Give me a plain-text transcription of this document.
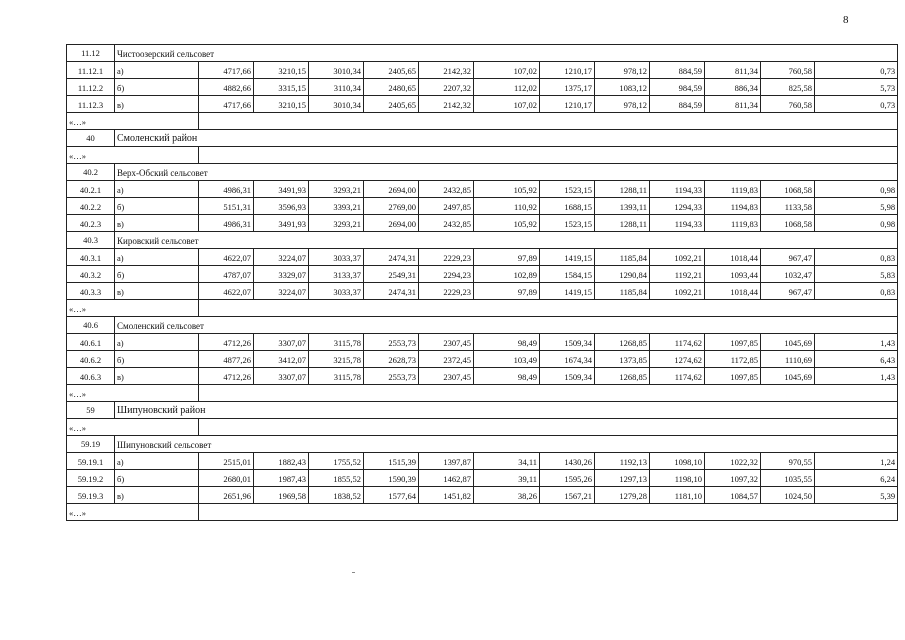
8
11.12	Чистоозерский сельсовет												
11.12.1	а)	4717,66	3210,15	3010,34	2405,65	2142,32	107,02	1210,17	978,12	884,59	811,34	760,58	0,73
11.12.2	б)	4882,66	3315,15	3110,34	2480,65	2207,32	112,02	1375,17	1083,12	984,59	886,34	825,58	5,73
11.12.3	в)	4717,66	3210,15	3010,34	2405,65	2142,32	107,02	1210,17	978,12	884,59	811,34	760,58	0,73
«…»													
40	Смоленский район												
«…»													
40.2	Верх-Обский сельсовет												
40.2.1	а)	4986,31	3491,93	3293,21	2694,00	2432,85	105,92	1523,15	1288,11	1194,33	1119,83	1068,58	0,98
40.2.2	б)	5151,31	3596,93	3393,21	2769,00	2497,85	110,92	1688,15	1393,11	1294,33	1194,83	1133,58	5,98
40.2.3	в)	4986,31	3491,93	3293,21	2694,00	2432,85	105,92	1523,15	1288,11	1194,33	1119,83	1068,58	0,98
40.3	Кировский сельсовет												
40.3.1	а)	4622,07	3224,07	3033,37	2474,31	2229,23	97,89	1419,15	1185,84	1092,21	1018,44	967,47	0,83
40.3.2	б)	4787,07	3329,07	3133,37	2549,31	2294,23	102,89	1584,15	1290,84	1192,21	1093,44	1032,47	5,83
40.3.3	в)	4622,07	3224,07	3033,37	2474,31	2229,23	97,89	1419,15	1185,84	1092,21	1018,44	967,47	0,83
«…»													
40.6	Смоленский сельсовет												
40.6.1	а)	4712,26	3307,07	3115,78	2553,73	2307,45	98,49	1509,34	1268,85	1174,62	1097,85	1045,69	1,43
40.6.2	б)	4877,26	3412,07	3215,78	2628,73	2372,45	103,49	1674,34	1373,85	1274,62	1172,85	1110,69	6,43
40.6.3	в)	4712,26	3307,07	3115,78	2553,73	2307,45	98,49	1509,34	1268,85	1174,62	1097,85	1045,69	1,43
«…»													
59	Шипуновский район												
«…»													
59.19	Шипуновский сельсовет												
59.19.1	а)	2515,01	1882,43	1755,52	1515,39	1397,87	34,11	1430,26	1192,13	1098,10	1022,32	970,55	1,24
59.19.2	б)	2680,01	1987,43	1855,52	1590,39	1462,87	39,11	1595,26	1297,13	1198,10	1097,32	1035,55	6,24
59.19.3	в)	2651,96	1969,58	1838,52	1577,64	1451,82	38,26	1567,21	1279,28	1181,10	1084,57	1024,50	5,39
«…»													
